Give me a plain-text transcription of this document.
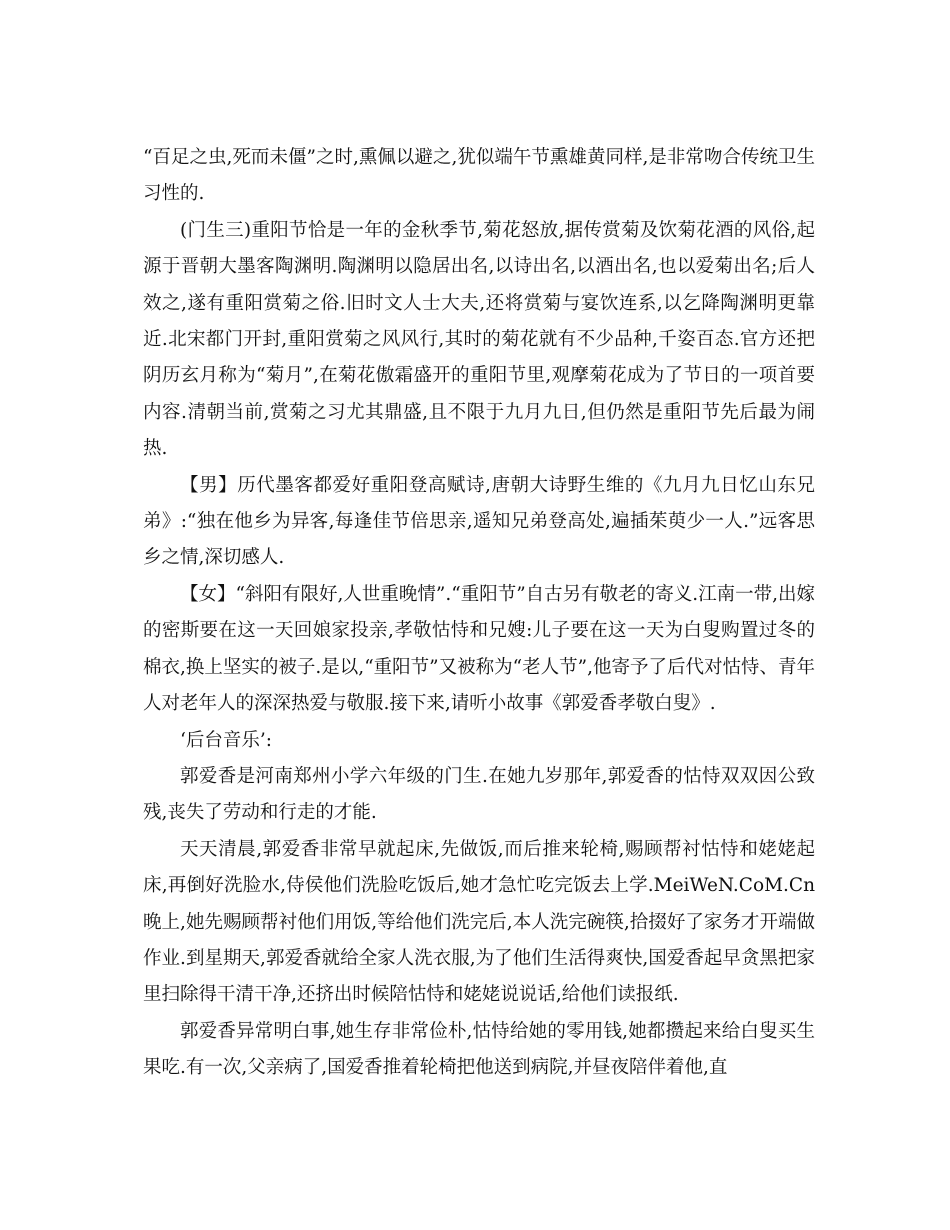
“百足之虫,死而未僵”之时,熏佩以避之,犹似端午节熏雄黄同样,是非常吻合传统卫生习性的.

(门生三)重阳节恰是一年的金秋季节,菊花怒放,据传赏菊及饮菊花酒的风俗,起源于晋朝大墨客陶渊明.陶渊明以隐居出名,以诗出名,以酒出名,也以爱菊出名;后人效之,遂有重阳赏菊之俗.旧时文人士大夫,还将赏菊与宴饮连系,以乞降陶渊明更靠近.北宋都门开封,重阳赏菊之风风行,其时的菊花就有不少品种,千姿百态.官方还把阴历玄月称为“菊月”,在菊花傲霜盛开的重阳节里,观摩菊花成为了节日的一项首要内容.清朝当前,赏菊之习尤其鼎盛,且不限于九月九日,但仍然是重阳节先后最为闹热.

【男】历代墨客都爱好重阳登高赋诗,唐朝大诗野生维的《九月九日忆山东兄弟》:“独在他乡为异客,每逢佳节倍思亲,遥知兄弟登高处,遍插茱萸少一人.”远客思乡之情,深切感人.

【女】“斜阳有限好,人世重晚情”.“重阳节”自古另有敬老的寄义.江南一带,出嫁的密斯要在这一天回娘家投亲,孝敬怙恃和兄嫂:儿子要在这一天为白叟购置过冬的棉衣,换上坚实的被子.是以,“重阳节”又被称为“老人节”,他寄予了后代对怙恃、青年人对老年人的深深热爱与敬服.接下来,请听小故事《郭爱香孝敬白叟》.

‘后台音乐’:

郭爱香是河南郑州小学六年级的门生.在她九岁那年,郭爱香的怙恃双双因公致残,丧失了劳动和行走的才能.

天天清晨,郭爱香非常早就起床,先做饭,而后推来轮椅,赐顾帮衬怙恃和姥姥起床,再倒好洗脸水,侍侯他们洗脸吃饭后,她才急忙吃完饭去上学.MeiWeN.CoM.Cn晚上,她先赐顾帮衬他们用饭,等给他们洗完后,本人洗完碗筷,拾掇好了家务才开端做作业.到星期天,郭爱香就给全家人洗衣服,为了他们生活得爽快,国爱香起早贪黑把家里扫除得干清干净,还挤出时候陪怙恃和姥姥说说话,给他们读报纸.

郭爱香异常明白事,她生存非常俭朴,怙恃给她的零用钱,她都攒起来给白叟买生果吃.有一次,父亲病了,国爱香推着轮椅把他送到病院,并昼夜陪伴着他,直
